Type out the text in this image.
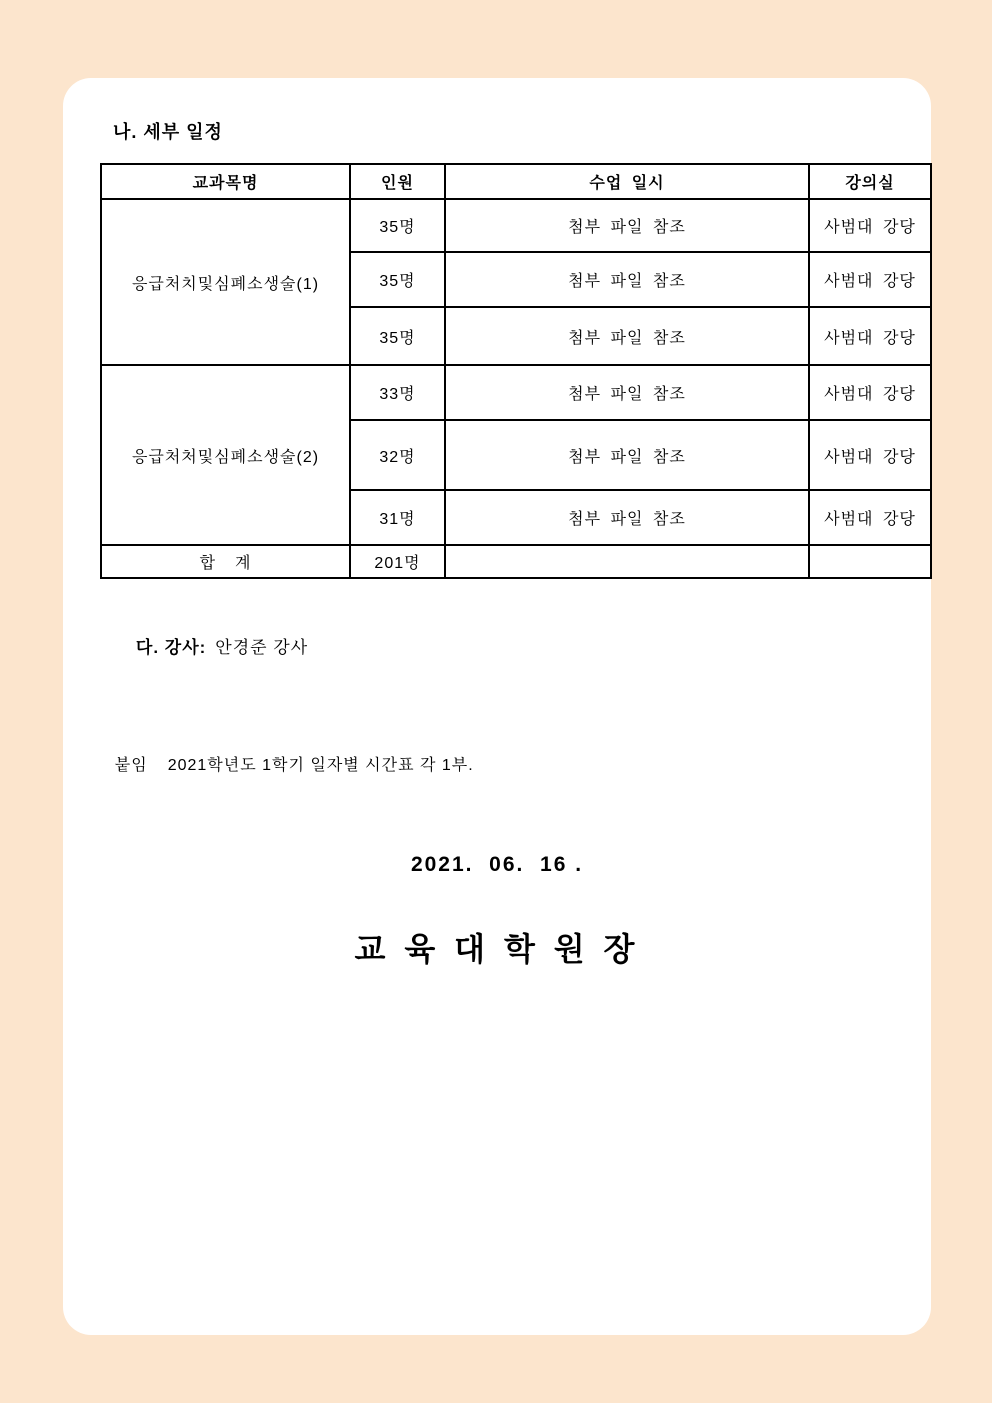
나. 세부 일정
교과목명	인원	수업 일시	강의실
응급처치및심폐소생술(1)	35명	첨부 파일 참조	사범대 강당
	35명	첨부 파일 참조	사범대 강당
	35명	첨부 파일 참조	사범대 강당
응급처처및심폐소생술(2)	33명	첨부 파일 참조	사범대 강당
	32명	첨부 파일 참조	사범대 강당
	31명	첨부 파일 참조	사범대 강당
합  계	201명		

다. 강사: 안경준 강사

붙임 2021학년도 1학기 일자별 시간표 각 1부.

2021.  06.  16 .
교 육 대 학 원 장
